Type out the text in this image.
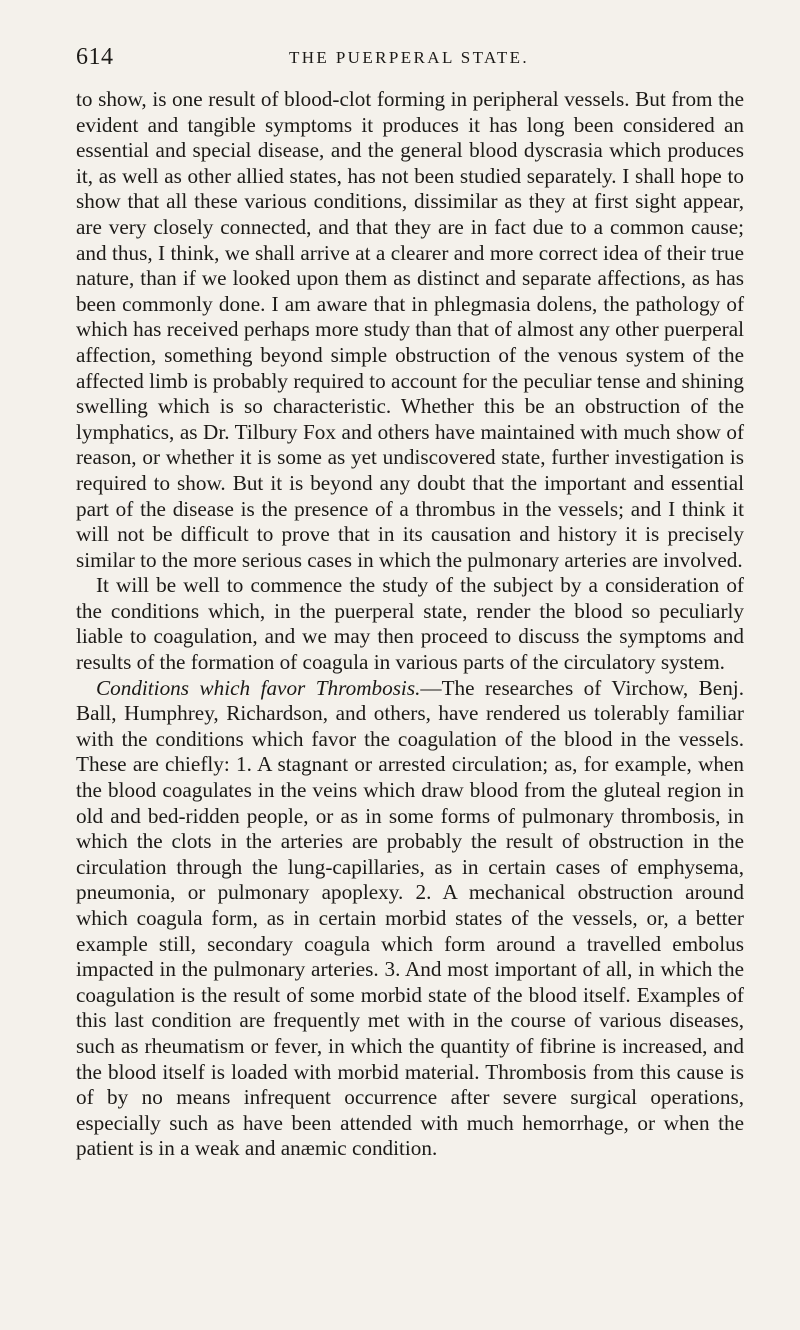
614	THE PUERPERAL STATE.

to show, is one result of blood-clot forming in peripheral vessels. But from the evident and tangible symptoms it produces it has long been considered an essential and special disease, and the general blood dyscrasia which produces it, as well as other allied states, has not been studied separately. I shall hope to show that all these various conditions, dissimilar as they at first sight appear, are very closely connected, and that they are in fact due to a common cause; and thus, I think, we shall arrive at a clearer and more correct idea of their true nature, than if we looked upon them as distinct and separate affections, as has been commonly done. I am aware that in phlegmasia dolens, the pathology of which has received perhaps more study than that of almost any other puerperal affection, something beyond simple obstruction of the venous system of the affected limb is probably required to account for the peculiar tense and shining swelling which is so characteristic. Whether this be an obstruction of the lymphatics, as Dr. Tilbury Fox and others have maintained with much show of reason, or whether it is some as yet undiscovered state, further investigation is required to show. But it is beyond any doubt that the important and essential part of the disease is the presence of a thrombus in the vessels; and I think it will not be difficult to prove that in its causation and history it is precisely similar to the more serious cases in which the pulmonary arteries are involved.

It will be well to commence the study of the subject by a consideration of the conditions which, in the puerperal state, render the blood so peculiarly liable to coagulation, and we may then proceed to discuss the symptoms and results of the formation of coagula in various parts of the circulatory system.

Conditions which favor Thrombosis.—The researches of Virchow, Benj. Ball, Humphrey, Richardson, and others, have rendered us tolerably familiar with the conditions which favor the coagulation of the blood in the vessels. These are chiefly: 1. A stagnant or arrested circulation; as, for example, when the blood coagulates in the veins which draw blood from the gluteal region in old and bed-ridden people, or as in some forms of pulmonary thrombosis, in which the clots in the arteries are probably the result of obstruction in the circulation through the lung-capillaries, as in certain cases of emphysema, pneumonia, or pulmonary apoplexy. 2. A mechanical obstruction around which coagula form, as in certain morbid states of the vessels, or, a better example still, secondary coagula which form around a travelled embolus impacted in the pulmonary arteries. 3. And most important of all, in which the coagulation is the result of some morbid state of the blood itself. Examples of this last condition are frequently met with in the course of various diseases, such as rheumatism or fever, in which the quantity of fibrine is increased, and the blood itself is loaded with morbid material. Thrombosis from this cause is of by no means infrequent occurrence after severe surgical operations, especially such as have been attended with much hemorrhage, or when the patient is in a weak and anæmic condition.
